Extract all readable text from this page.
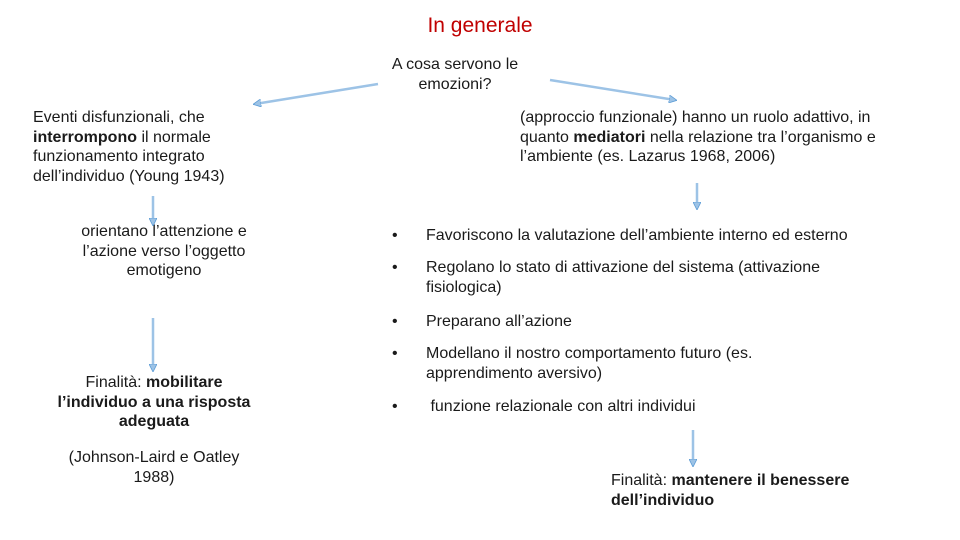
In generale
A cosa servono le emozioni?
Eventi disfunzionali, che interrompono il normale funzionamento integrato dell’individuo (Young 1943)
(approccio funzionale) hanno un ruolo adattivo, in quanto mediatori nella relazione tra l’organismo e l’ambiente (es. Lazarus 1968, 2006)
orientano l’attenzione e l’azione verso l’oggetto emotigeno
Finalità: mobilitare l’individuo a una risposta adeguata
(Johnson-Laird e Oatley 1988)
• Favoriscono la valutazione dell’ambiente interno ed esterno
• Regolano lo stato di attivazione del sistema (attivazione fisiologica)
• Preparano all’azione
• Modellano il nostro comportamento futuro (es. apprendimento aversivo)
• funzione relazionale con altri individui
Finalità: mantenere il benessere dell’individuo
